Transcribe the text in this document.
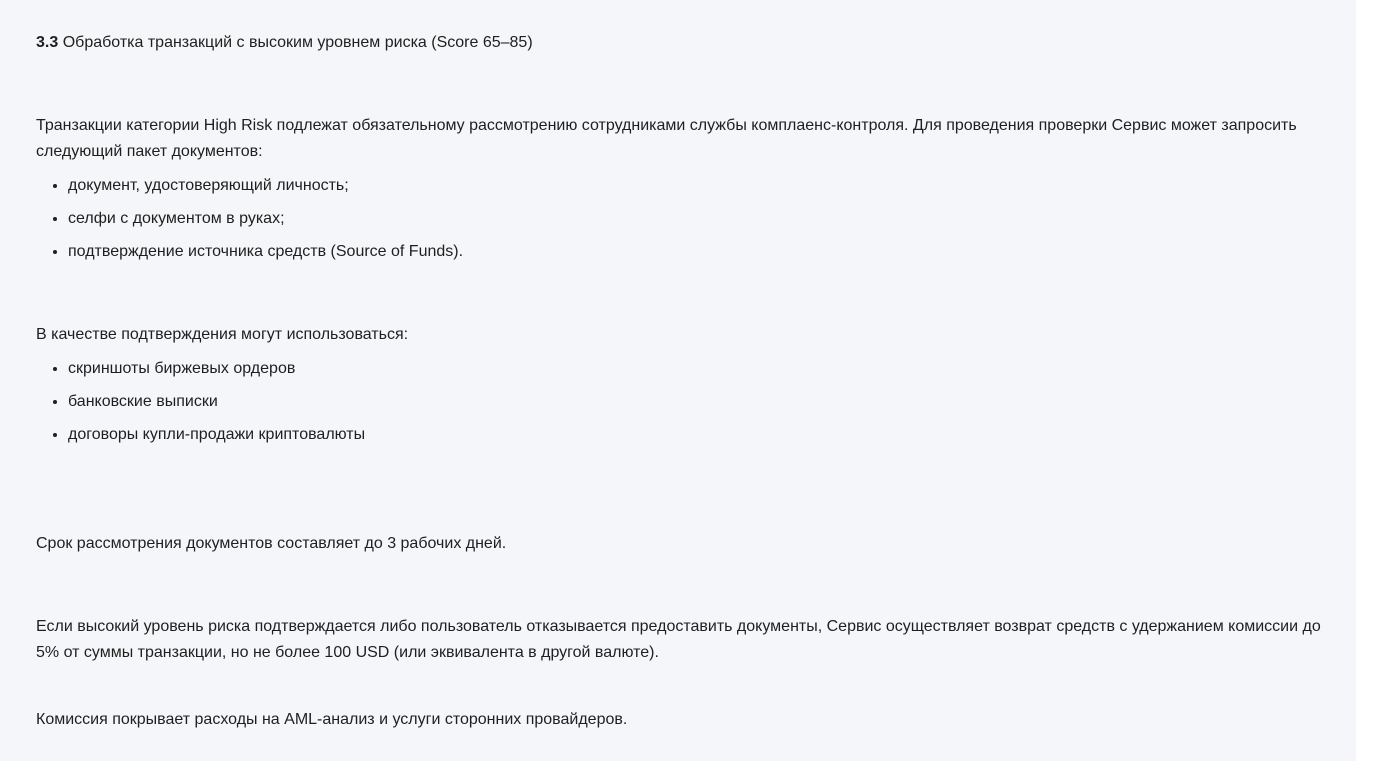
3.3 Обработка транзакций с высоким уровнем риска (Score 65–85)

Транзакции категории High Risk подлежат обязательному рассмотрению сотрудниками службы комплаенс-контроля. Для проведения проверки Сервис может запросить следующий пакет документов:

• документ, удостоверяющий личность;
• селфи с документом в руках;
• подтверждение источника средств (Source of Funds).

В качестве подтверждения могут использоваться:

• скриншоты биржевых ордеров
• банковские выписки
• договоры купли-продажи криптовалюты

Срок рассмотрения документов составляет до 3 рабочих дней.

Если высокий уровень риска подтверждается либо пользователь отказывается предоставить документы, Сервис осуществляет возврат средств с удержанием комиссии до 5% от суммы транзакции, но не более 100 USD (или эквивалента в другой валюте).

Комиссия покрывает расходы на AML-анализ и услуги сторонних провайдеров.
